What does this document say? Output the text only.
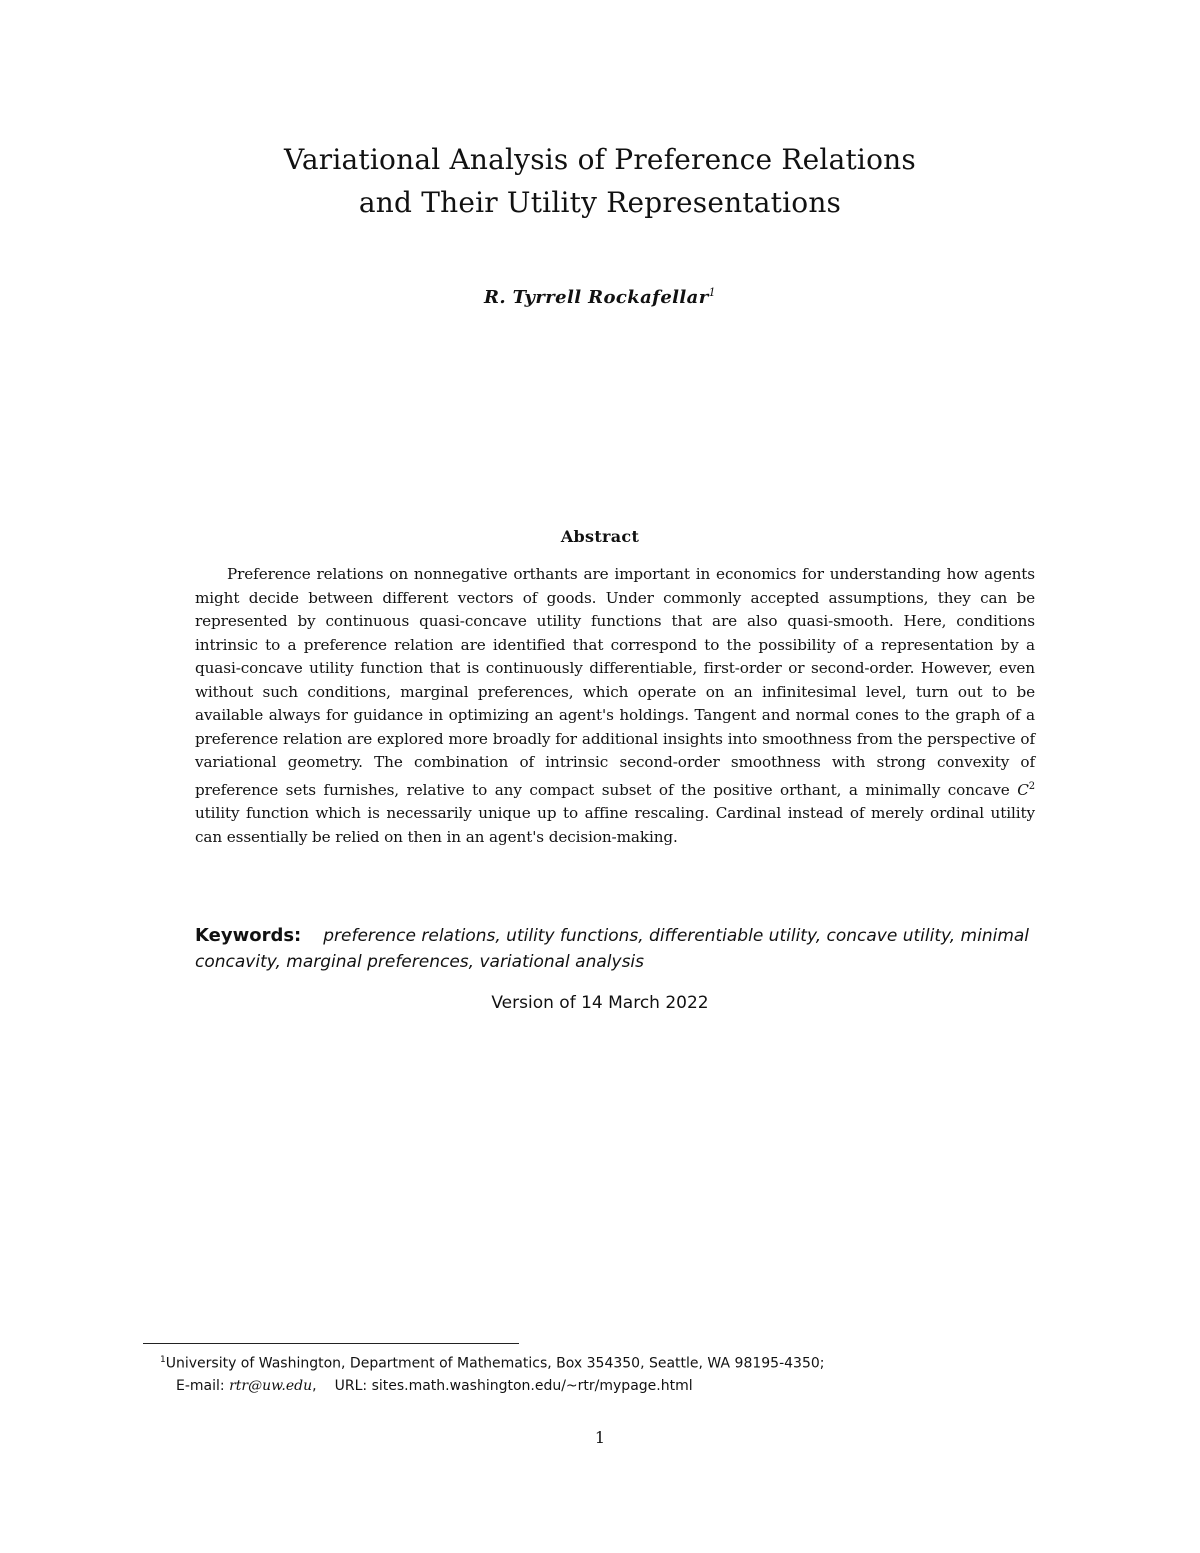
Variational Analysis of Preference Relations
and Their Utility Representations
R. Tyrrell Rockafellar$^1$
Abstract
Preference relations on nonnegative orthants are important in economics for understanding how agents might decide between different vectors of goods. Under commonly accepted assumptions, they can be represented by continuous quasi-concave utility functions that are also quasi-smooth. Here, conditions intrinsic to a preference relation are identified that correspond to the possibility of a representation by a quasi-concave utility function that is continuously differentiable, first-order or second-order. However, even without such conditions, marginal preferences, which operate on an infinitesimal level, turn out to be available always for guidance in optimizing an agent's holdings. Tangent and normal cones to the graph of a preference relation are explored more broadly for additional insights into smoothness from the perspective of variational geometry. The combination of intrinsic second-order smoothness with strong convexity of preference sets furnishes, relative to any compact subset of the positive orthant, a minimally concave $C^2$ utility function which is necessarily unique up to affine rescaling. Cardinal instead of merely ordinal utility can essentially be relied on then in an agent's decision-making.
Keywords: preference relations, utility functions, differentiable utility, concave utility, minimal concavity, marginal preferences, variational analysis
Version of 14 March 2022
$^1$University of Washington, Department of Mathematics, Box 354350, Seattle, WA 98195-4350;
E-mail: rtr@uw.edu, URL: sites.math.washington.edu/~rtr/mypage.html
1
